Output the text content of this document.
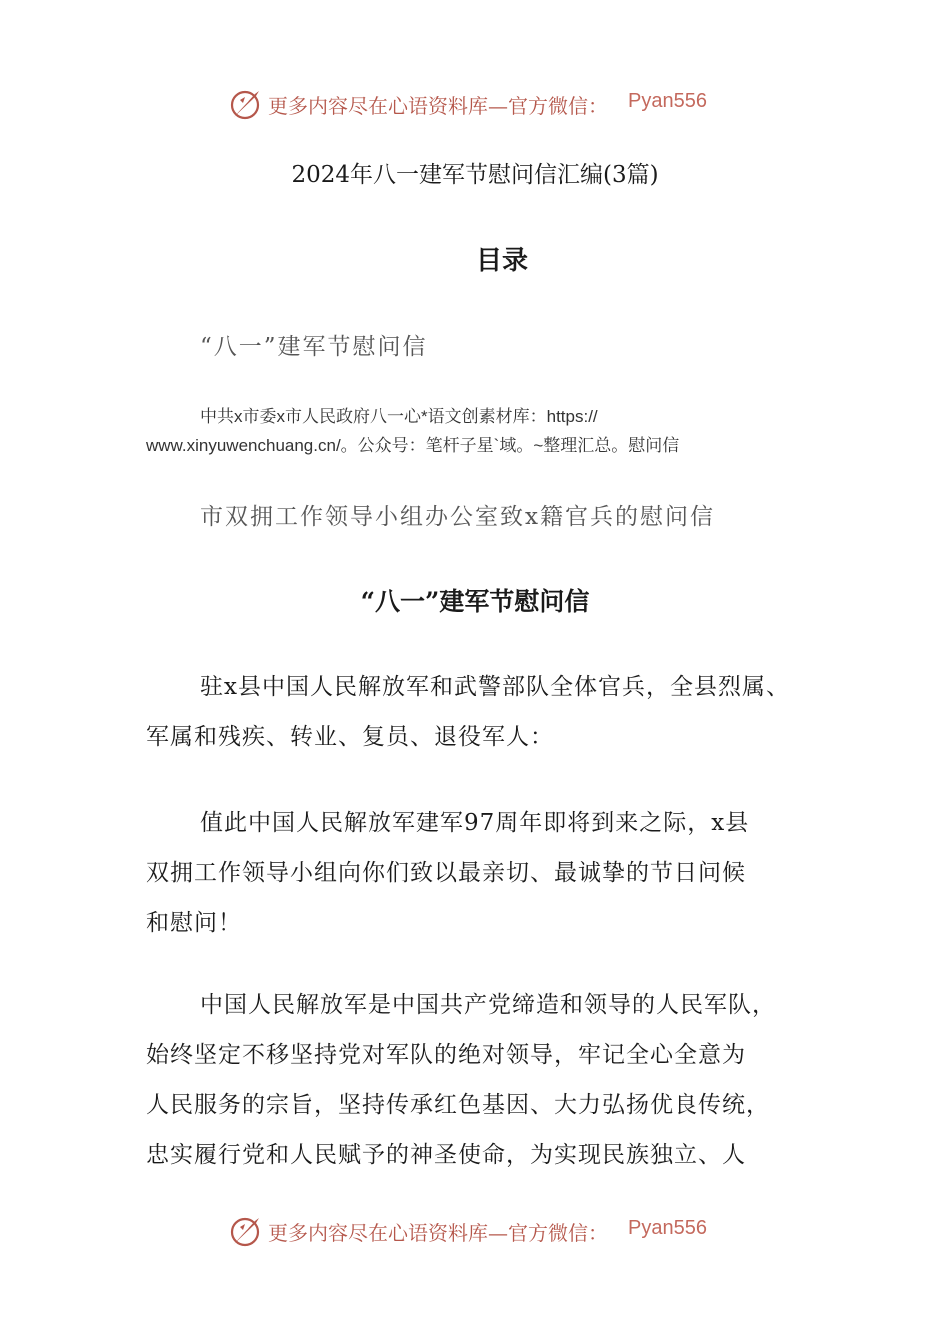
更多内容尽在心语资料库—官方微信： Pyan556
2024年八一建军节慰问信汇编(3篇)
目录
“八一”建军节慰问信
中共x市委x市人民政府八一心*语文创素材库：https://
www.xinyuwenchuang.cn/。公众号：笔杆子星`域。~整理汇总。慰问信
市双拥工作领导小组办公室致x籍官兵的慰问信
“八一”建军节慰问信
驻x县中国人民解放军和武警部队全体官兵，全县烈属、
军属和残疾、转业、复员、退役军人：
值此中国人民解放军建军97周年即将到来之际，x县
双拥工作领导小组向你们致以最亲切、最诚挚的节日问候
和慰问！
中国人民解放军是中国共产党缔造和领导的人民军队，
始终坚定不移坚持党对军队的绝对领导，牢记全心全意为
人民服务的宗旨，坚持传承红色基因、大力弘扬优良传统，
忠实履行党和人民赋予的神圣使命，为实现民族独立、人
更多内容尽在心语资料库—官方微信： Pyan556
